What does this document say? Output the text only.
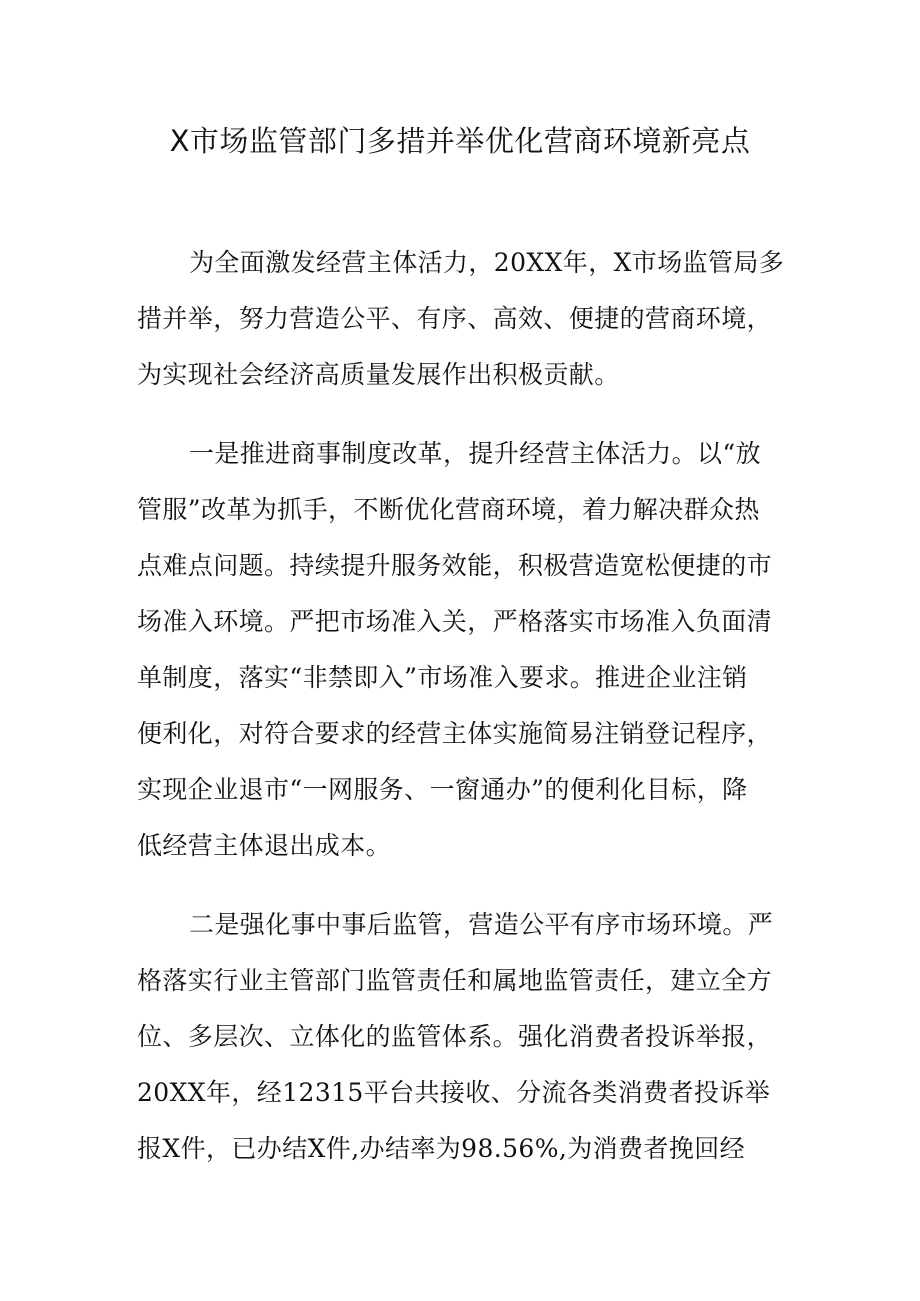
X市场监管部门多措并举优化营商环境新亮点

为全面激发经营主体活力，20XX年，X市场监管局多

措并举，努力营造公平、有序、高效、便捷的营商环境，

为实现社会经济高质量发展作出积极贡献。

一是推进商事制度改革，提升经营主体活力。以“放

管服”改革为抓手，不断优化营商环境，着力解决群众热

点难点问题。持续提升服务效能，积极营造宽松便捷的市

场准入环境。严把市场准入关，严格落实市场准入负面清

单制度，落实“非禁即入”市场准入要求。推进企业注销

便利化，对符合要求的经营主体实施简易注销登记程序，

实现企业退市“一网服务、一窗通办”的便利化目标，降

低经营主体退出成本。

二是强化事中事后监管，营造公平有序市场环境。严

格落实行业主管部门监管责任和属地监管责任，建立全方

位、多层次、立体化的监管体系。强化消费者投诉举报，

20XX年，经12315平台共接收、分流各类消费者投诉举

报X件，已办结X件,办结率为98.56%,为消费者挽回经
